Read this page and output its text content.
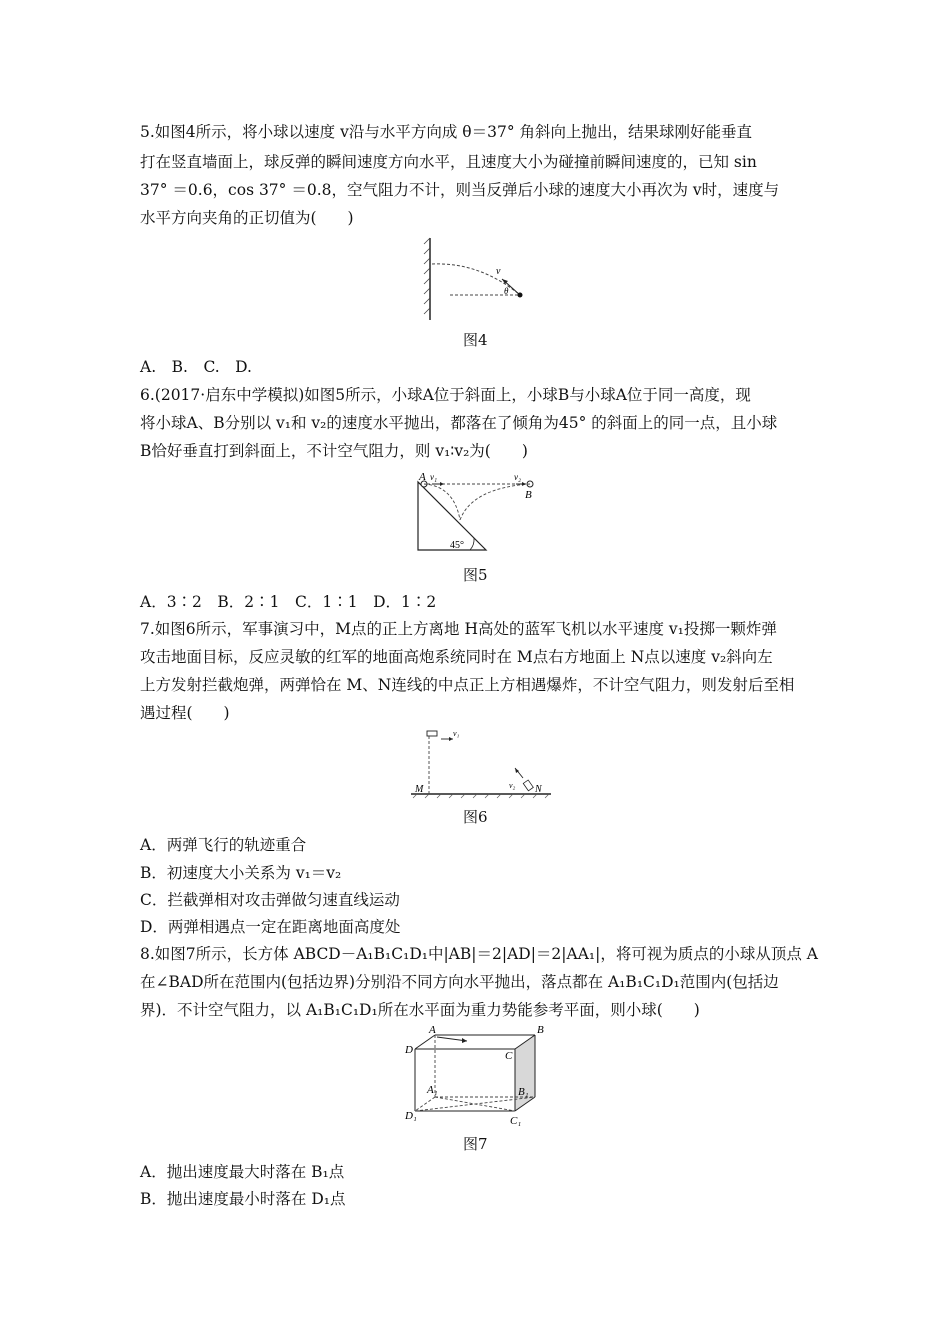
5.如图4所示，将小球以速度 v沿与水平方向成 θ＝37° 角斜向上抛出，结果球刚好能垂直
打在竖直墙面上，球反弹的瞬间速度方向水平，且速度大小为碰撞前瞬间速度的，已知 sin
37° ＝0.6，cos 37° ＝0.8，空气阻力不计，则当反弹后小球的速度大小再次为 v时，速度与
水平方向夹角的正切值为(　　)
v
θ
图4
A.　B.　C.　D.
6.(2017·启东中学模拟)如图5所示，小球A位于斜面上，小球B与小球A位于同一高度，现
将小球A、B分别以 v₁和 v₂的速度水平抛出，都落在了倾角为45° 的斜面上的同一点，且小球
B恰好垂直打到斜面上，不计空气阻力，则 v₁∶v₂为(　　)
A v₁	v₂
B
45°
图5
A．3∶2　B．2∶1　C．1∶1　D．1∶2
7.如图6所示，军事演习中，M点的正上方离地 H高处的蓝军飞机以水平速度 v₁投掷一颗炸弹
攻击地面目标，反应灵敏的红军的地面高炮系统同时在 M点右方地面上 N点以速度 v₂斜向左
上方发射拦截炮弹，两弹恰在 M、N连线的中点正上方相遇爆炸，不计空气阻力，则发射后至相
遇过程(　　)
v₁
v₂
M	N
图6
A．两弹飞行的轨迹重合
B．初速度大小关系为 v₁＝v₂
C．拦截弹相对攻击弹做匀速直线运动
D．两弹相遇点一定在距离地面高度处
8.如图7所示，长方体 ABCD－A₁B₁C₁D₁中|AB|＝2|AD|＝2|AA₁|，将可视为质点的小球从顶点 A
在∠BAD所在范围内(包括边界)分别沿不同方向水平抛出，落点都在 A₁B₁C₁D₁范围内(包括边
界)．不计空气阻力，以 A₁B₁C₁D₁所在水平面为重力势能参考平面，则小球(　　)
A	B
C
D
A₁	B₁
C₁
D₁
图7
A．抛出速度最大时落在 B₁点
B．抛出速度最小时落在 D₁点
